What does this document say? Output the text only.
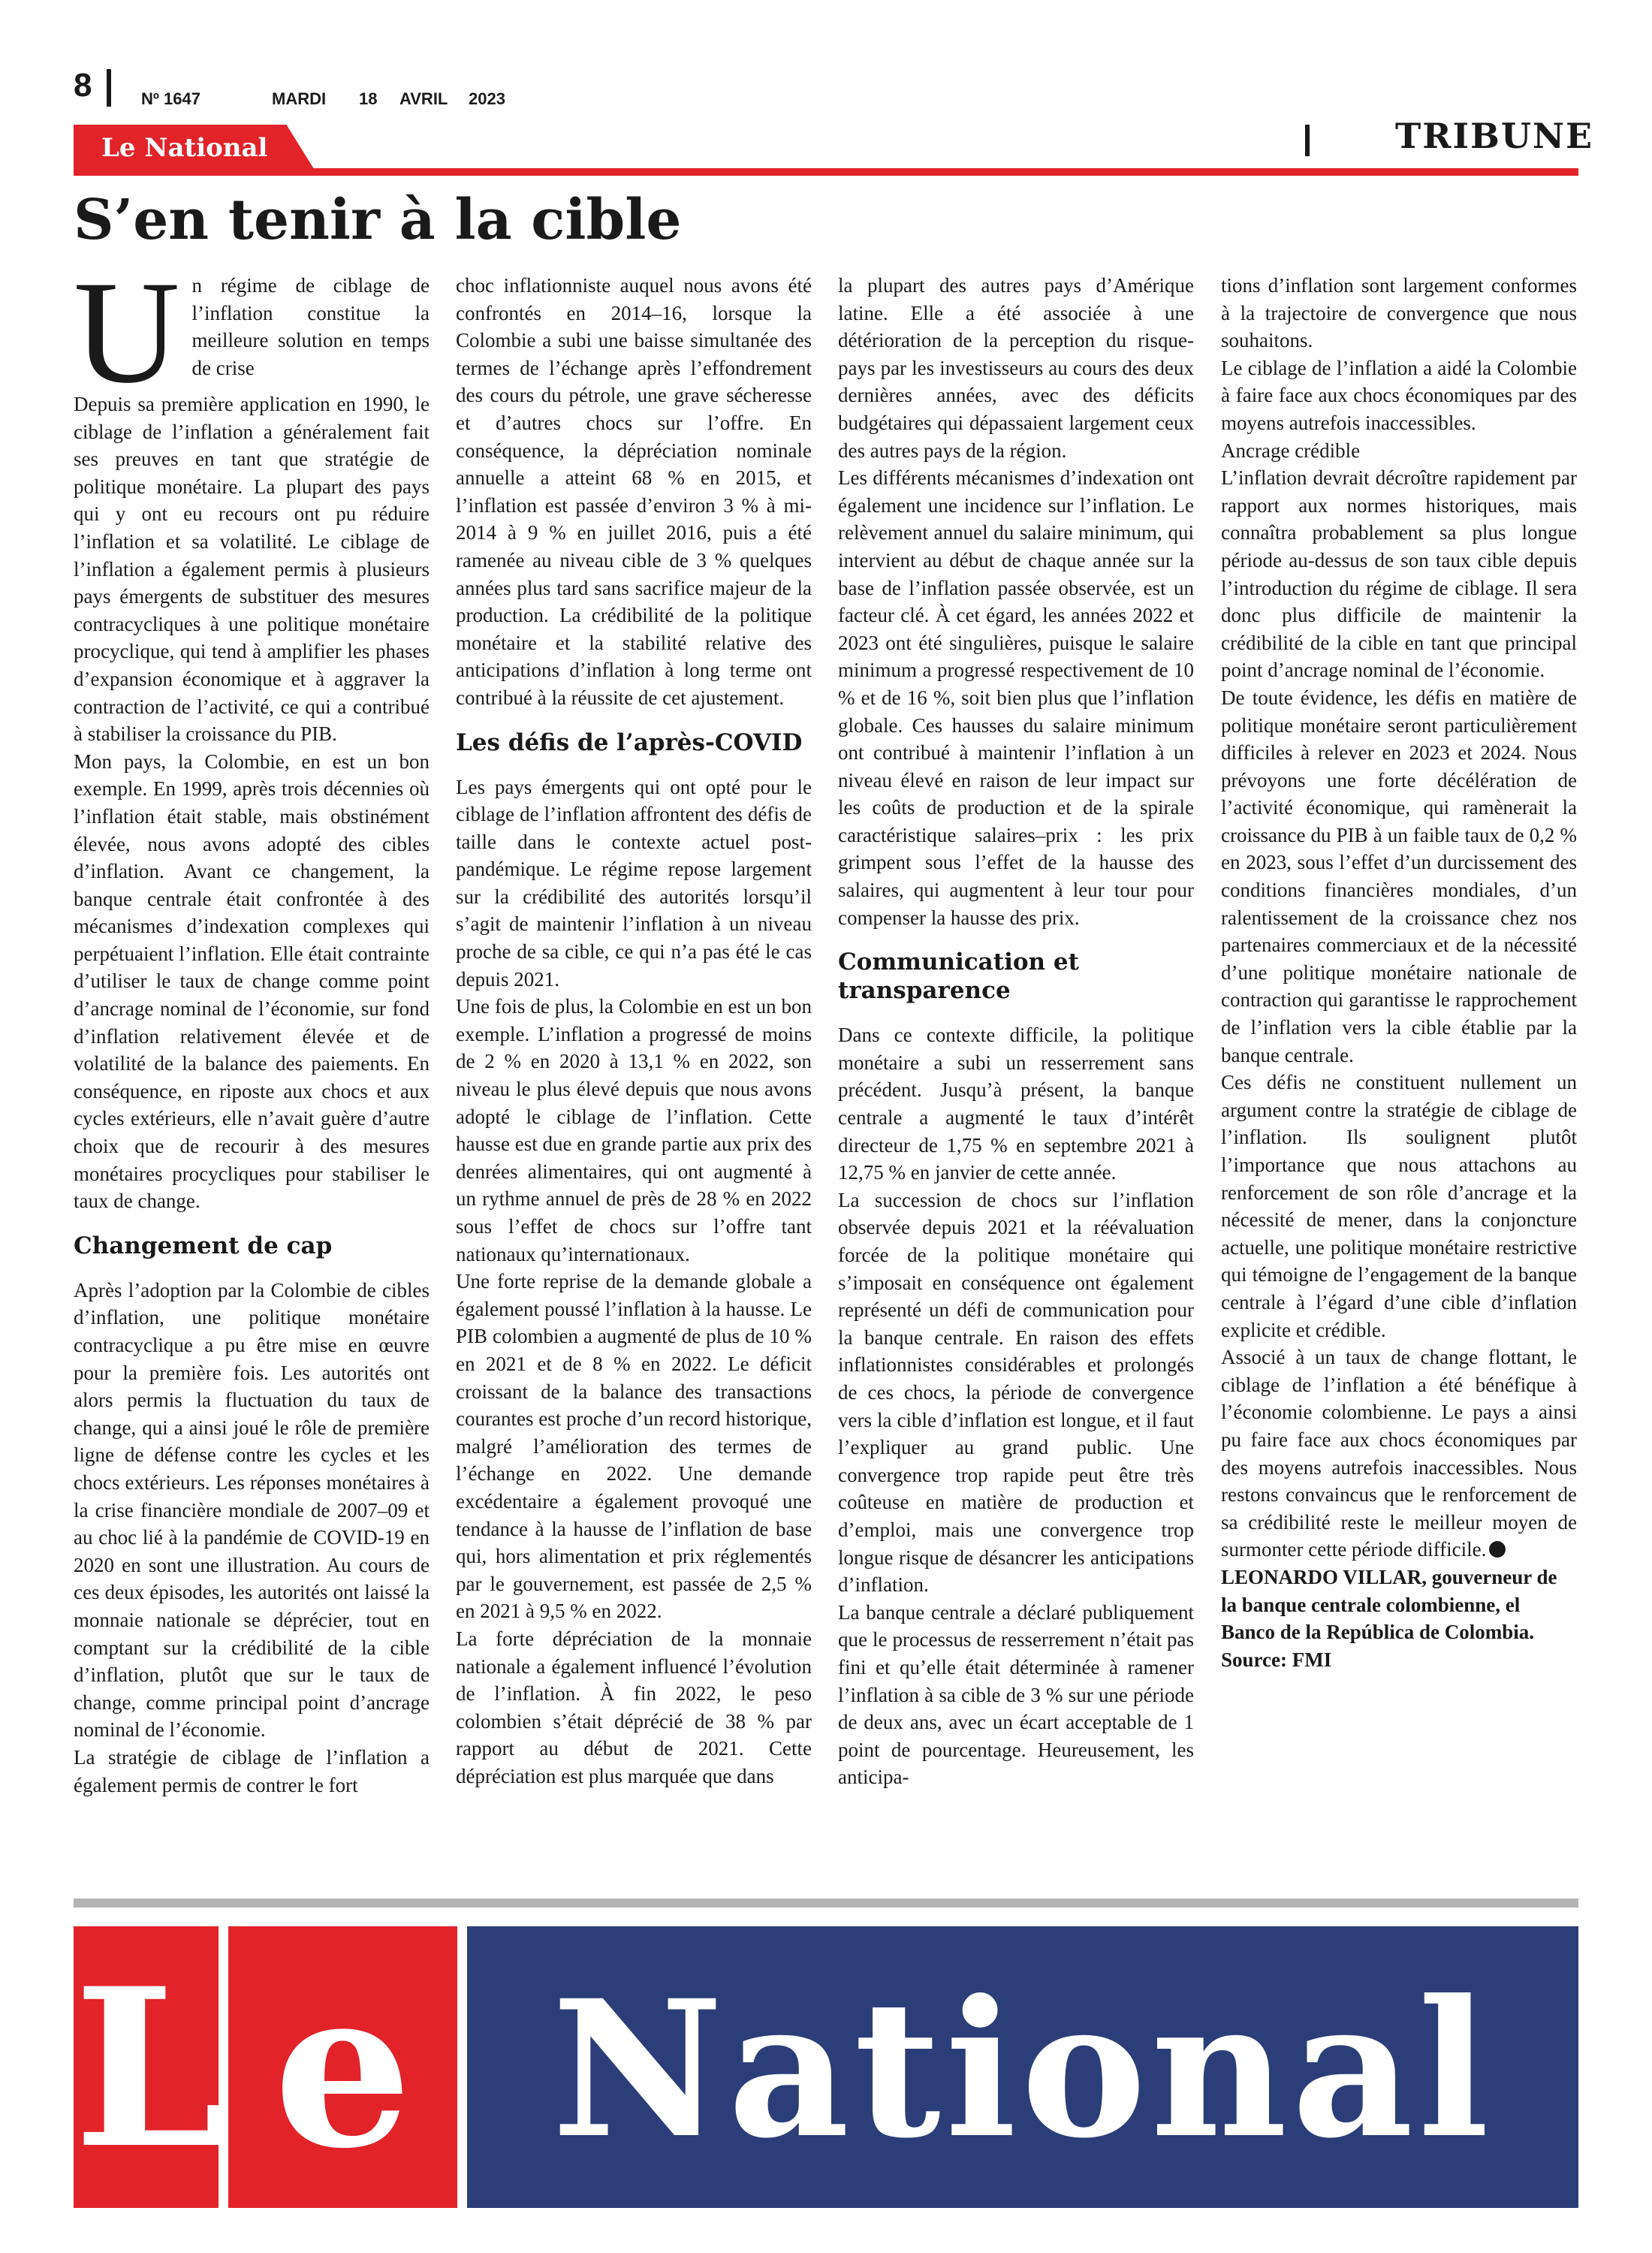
8	Nº 1647	MARDI 18 AVRIL 2023
TRIBUNE
Le National
S’en tenir à la cible
U n régime de ciblage de l’inflation constitue la meilleure solution en temps de crise

Depuis sa première application en 1990, le ciblage de l’inflation a généralement fait ses preuves en tant que stratégie de politique monétaire. La plupart des pays qui y ont eu recours ont pu réduire l’inflation et sa volatilité. Le ciblage de l’inflation a également permis à plusieurs pays émergents de substituer des mesures contracycliques à une politique monétaire procyclique, qui tend à amplifier les phases d’expansion économique et à aggraver la contraction de l’activité, ce qui a contribué à stabiliser la croissance du PIB.

Mon pays, la Colombie, en est un bon exemple. En 1999, après trois décennies où l’inflation était stable, mais obstinément élevée, nous avons adopté des cibles d’inflation. Avant ce changement, la banque centrale était confrontée à des mécanismes d’indexation complexes qui perpétuaient l’inflation. Elle était contrainte d’utiliser le taux de change comme point d’ancrage nominal de l’économie, sur fond d’inflation relativement élevée et de volatilité de la balance des paiements. En conséquence, en riposte aux chocs et aux cycles extérieurs, elle n’avait guère d’autre choix que de recourir à des mesures monétaires procycliques pour stabiliser le taux de change.

Changement de cap

Après l’adoption par la Colombie de cibles d’inflation, une politique monétaire contracyclique a pu être mise en œuvre pour la première fois. Les autorités ont alors permis la fluctuation du taux de change, qui a ainsi joué le rôle de première ligne de défense contre les cycles et les chocs extérieurs. Les réponses monétaires à la crise financière mondiale de 2007–09 et au choc lié à la pandémie de COVID-19 en 2020 en sont une illustration. Au cours de ces deux épisodes, les autorités ont laissé la monnaie nationale se déprécier, tout en comptant sur la crédibilité de la cible d’inflation, plutôt que sur le taux de change, comme principal point d’ancrage nominal de l’économie.

La stratégie de ciblage de l’inflation a également permis de contrer le fort

choc inflationniste auquel nous avons été confrontés en 2014–16, lorsque la Colombie a subi une baisse simultanée des termes de l’échange après l’effondrement des cours du pétrole, une grave sécheresse et d’autres chocs sur l’offre. En conséquence, la dépréciation nominale annuelle a atteint 68 % en 2015, et l’inflation est passée d’environ 3 % à mi-2014 à 9 % en juillet 2016, puis a été ramenée au niveau cible de 3 % quelques années plus tard sans sacrifice majeur de la production. La crédibilité de la politique monétaire et la stabilité relative des anticipations d’inflation à long terme ont contribué à la réussite de cet ajustement.

Les défis de l’après-COVID

Les pays émergents qui ont opté pour le ciblage de l’inflation affrontent des défis de taille dans le contexte actuel post-pandémique. Le régime repose largement sur la crédibilité des autorités lorsqu’il s’agit de maintenir l’inflation à un niveau proche de sa cible, ce qui n’a pas été le cas depuis 2021.

Une fois de plus, la Colombie en est un bon exemple. L’inflation a progressé de moins de 2 % en 2020 à 13,1 % en 2022, son niveau le plus élevé depuis que nous avons adopté le ciblage de l’inflation. Cette hausse est due en grande partie aux prix des denrées alimentaires, qui ont augmenté à un rythme annuel de près de 28 % en 2022 sous l’effet de chocs sur l’offre tant nationaux qu’internationaux.

Une forte reprise de la demande globale a également poussé l’inflation à la hausse. Le PIB colombien a augmenté de plus de 10 % en 2021 et de 8 % en 2022. Le déficit croissant de la balance des transactions courantes est proche d’un record historique, malgré l’amélioration des termes de l’échange en 2022. Une demande excédentaire a également provoqué une tendance à la hausse de l’inflation de base qui, hors alimentation et prix réglementés par le gouvernement, est passée de 2,5 % en 2021 à 9,5 % en 2022.

La forte dépréciation de la monnaie nationale a également influencé l’évolution de l’inflation. À fin 2022, le peso colombien s’était déprécié de 38 % par rapport au début de 2021. Cette dépréciation est plus marquée que dans

la plupart des autres pays d’Amérique latine. Elle a été associée à une détérioration de la perception du risque-pays par les investisseurs au cours des deux dernières années, avec des déficits budgétaires qui dépassaient largement ceux des autres pays de la région.

Les différents mécanismes d’indexation ont également une incidence sur l’inflation. Le relèvement annuel du salaire minimum, qui intervient au début de chaque année sur la base de l’inflation passée observée, est un facteur clé. À cet égard, les années 2022 et 2023 ont été singulières, puisque le salaire minimum a progressé respectivement de 10 % et de 16 %, soit bien plus que l’inflation globale. Ces hausses du salaire minimum ont contribué à maintenir l’inflation à un niveau élevé en raison de leur impact sur les coûts de production et de la spirale caractéristique salaires–prix : les prix grimpent sous l’effet de la hausse des salaires, qui augmentent à leur tour pour compenser la hausse des prix.

Communication et transparence

Dans ce contexte difficile, la politique monétaire a subi un resserrement sans précédent. Jusqu’à présent, la banque centrale a augmenté le taux d’intérêt directeur de 1,75 % en septembre 2021 à 12,75 % en janvier de cette année.

La succession de chocs sur l’inflation observée depuis 2021 et la réévaluation forcée de la politique monétaire qui s’imposait en conséquence ont également représenté un défi de communication pour la banque centrale. En raison des effets inflationnistes considérables et prolongés de ces chocs, la période de convergence vers la cible d’inflation est longue, et il faut l’expliquer au grand public. Une convergence trop rapide peut être très coûteuse en matière de production et d’emploi, mais une convergence trop longue risque de désancrer les anticipations d’inflation.

La banque centrale a déclaré publiquement que le processus de resserrement n’était pas fini et qu’elle était déterminée à ramener l’inflation à sa cible de 3 % sur une période de deux ans, avec un écart acceptable de 1 point de pourcentage. Heureusement, les anticipa-

tions d’inflation sont largement conformes à la trajectoire de convergence que nous souhaitons.

Le ciblage de l’inflation a aidé la Colombie à faire face aux chocs économiques par des moyens autrefois inaccessibles.

Ancrage crédible

L’inflation devrait décroître rapidement par rapport aux normes historiques, mais connaîtra probablement sa plus longue période au-dessus de son taux cible depuis l’introduction du régime de ciblage. Il sera donc plus difficile de maintenir la crédibilité de la cible en tant que principal point d’ancrage nominal de l’économie.

De toute évidence, les défis en matière de politique monétaire seront particulièrement difficiles à relever en 2023 et 2024. Nous prévoyons une forte décélération de l’activité économique, qui ramènerait la croissance du PIB à un faible taux de 0,2 % en 2023, sous l’effet d’un durcissement des conditions financières mondiales, d’un ralentissement de la croissance chez nos partenaires commerciaux et de la nécessité d’une politique monétaire nationale de contraction qui garantisse le rapprochement de l’inflation vers la cible établie par la banque centrale.

Ces défis ne constituent nullement un argument contre la stratégie de ciblage de l’inflation. Ils soulignent plutôt l’importance que nous attachons au renforcement de son rôle d’ancrage et la nécessité de mener, dans la conjoncture actuelle, une politique monétaire restrictive qui témoigne de l’engagement de la banque centrale à l’égard d’une cible d’inflation explicite et crédible.

Associé à un taux de change flottant, le ciblage de l’inflation a été bénéfique à l’économie colombienne. Le pays a ainsi pu faire face aux chocs économiques par des moyens autrefois inaccessibles. Nous restons convaincus que le renforcement de sa crédibilité reste le meilleur moyen de surmonter cette période difficile.

LEONARDO VILLAR, gouverneur de la banque centrale colombienne, el Banco de la República de Colombia.

Source: FMI

L e National
